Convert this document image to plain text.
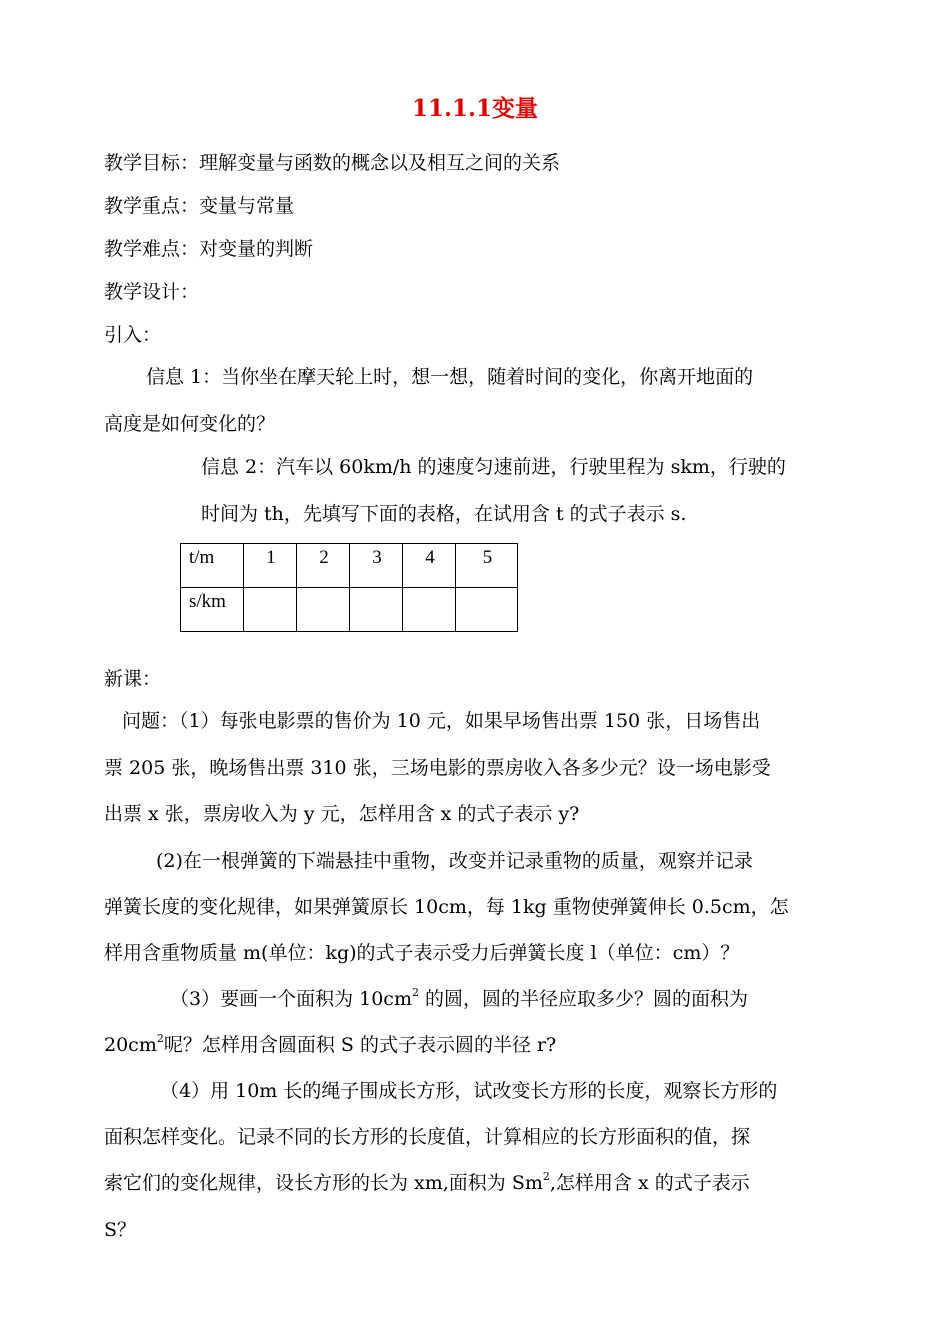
11.1.1变量
教学目标：理解变量与函数的概念以及相互之间的关系
教学重点：变量与常量
教学难点：对变量的判断
教学设计：
引入：
信息 1：当你坐在摩天轮上时，想一想，随着时间的变化，你离开地面的
高度是如何变化的？
信息 2：汽车以 60km/h 的速度匀速前进，行驶里程为 skm，行驶的
时间为 th，先填写下面的表格，在试用含 t 的式子表示 s.
t/m	1	2	3	4	5
s/km					
新课：
问题：（1）每张电影票的售价为 10 元，如果早场售出票 150 张，日场售出
票 205 张，晚场售出票 310 张，三场电影的票房收入各多少元？设一场电影受
出票 x 张，票房收入为 y 元，怎样用含 x 的式子表示 y?
(2)在一根弹簧的下端悬挂中重物，改变并记录重物的质量，观察并记录
弹簧长度的变化规律，如果弹簧原长 10cm，每 1kg 重物使弹簧伸长 0.5cm，怎
样用含重物质量 m(单位：kg)的式子表示受力后弹簧长度 l（单位：cm）？
（3）要画一个面积为 $10cm^2$ 的圆，圆的半径应取多少？圆的面积为
$20cm^2$呢？怎样用含圆面积 S 的式子表示圆的半径 r?
（4）用 10m 长的绳子围成长方形，试改变长方形的长度，观察长方形的
面积怎样变化。记录不同的长方形的长度值，计算相应的长方形面积的值，探
索它们的变化规律，设长方形的长为 xm,面积为 Sm$^2$,怎样用含 x 的式子表示
S？
